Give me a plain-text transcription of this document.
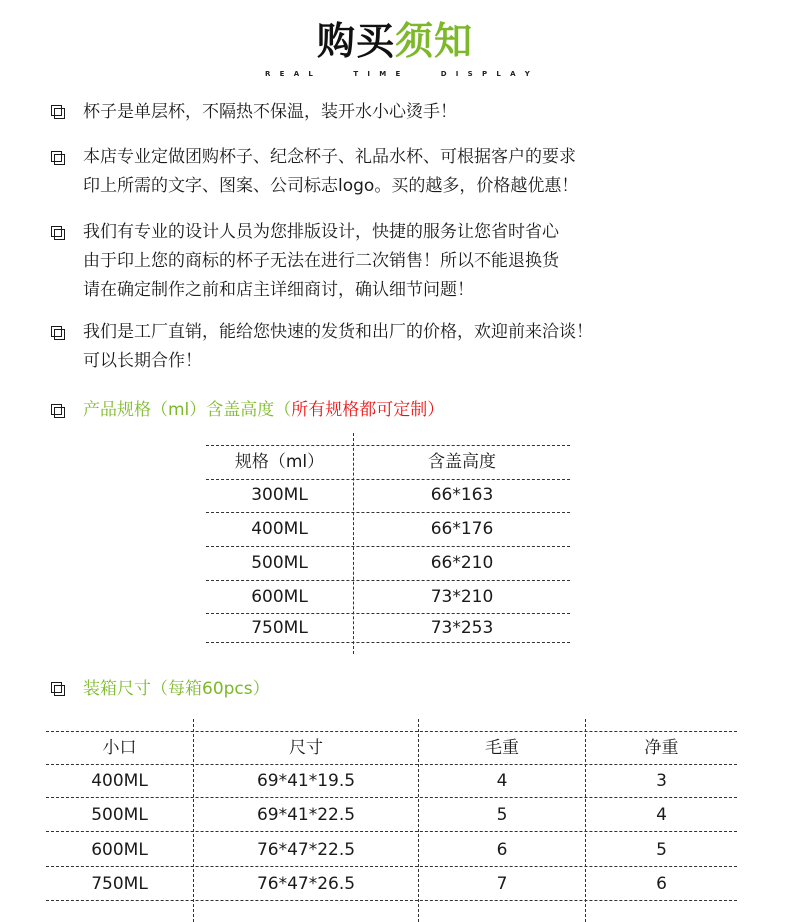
购买须知
R E A L	T I M E	D I S P L A Y
杯子是单层杯，不隔热不保温，装开水小心烫手！
本店专业定做团购杯子、纪念杯子、礼品水杯、可根据客户的要求
印上所需的文字、图案、公司标志logo。买的越多，价格越优惠！
我们有专业的设计人员为您排版设计，快捷的服务让您省时省心
由于印上您的商标的杯子无法在进行二次销售！所以不能退换货
请在确定制作之前和店主详细商讨，确认细节问题！
我们是工厂直销，能给您快速的发货和出厂的价格，欢迎前来洽谈！
可以长期合作！
产品规格（ml）含盖高度（所有规格都可定制）
规格（ml）	含盖高度
300ML	66*163
400ML	66*176
500ML	66*210
600ML	73*210
750ML	73*253
装箱尺寸（每箱60pcs）
小口	尺寸	毛重	净重
400ML	69*41*19.5	4	3
500ML	69*41*22.5	5	4
600ML	76*47*22.5	6	5
750ML	76*47*26.5	7	6
